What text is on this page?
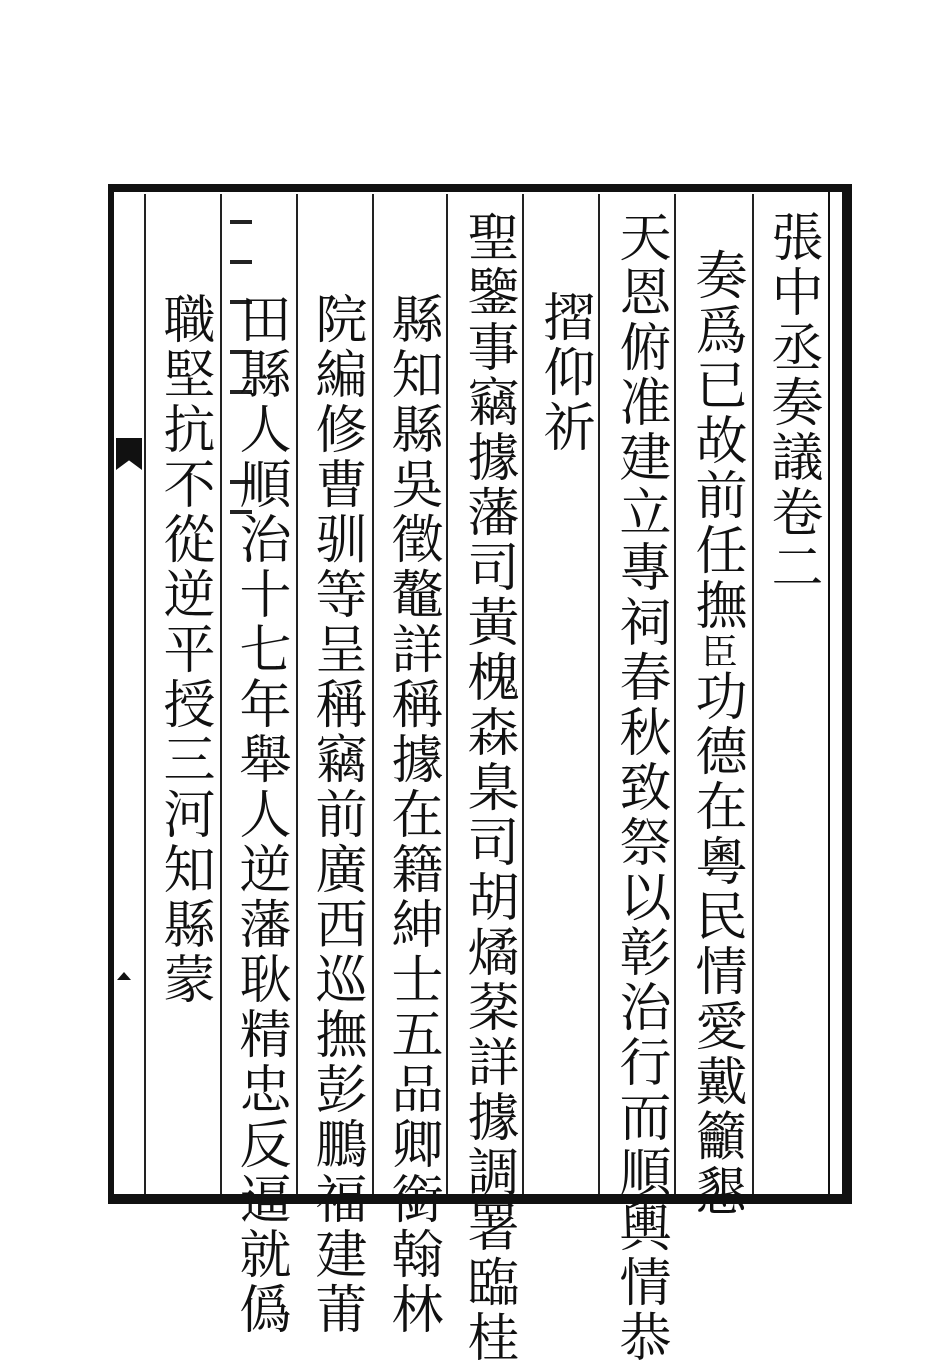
張中丞奏議卷二
奏爲已故前任撫臣功德在粵民情愛戴籲懇
天恩俯准建立專祠春秋致祭以彰治行而順輿情恭
摺仰祈
聖鑒事竊據藩司黃槐森臬司胡燏棻詳據調署臨桂
縣知縣吳徵鼇詳稱據在籍紳士五品卿銜翰林
院編修曹驯等呈稱竊前廣西巡撫彭鵬福建莆
田縣人順治十七年舉人逆藩耿精忠反逼就僞
職堅抗不從逆平授三河知縣蒙
